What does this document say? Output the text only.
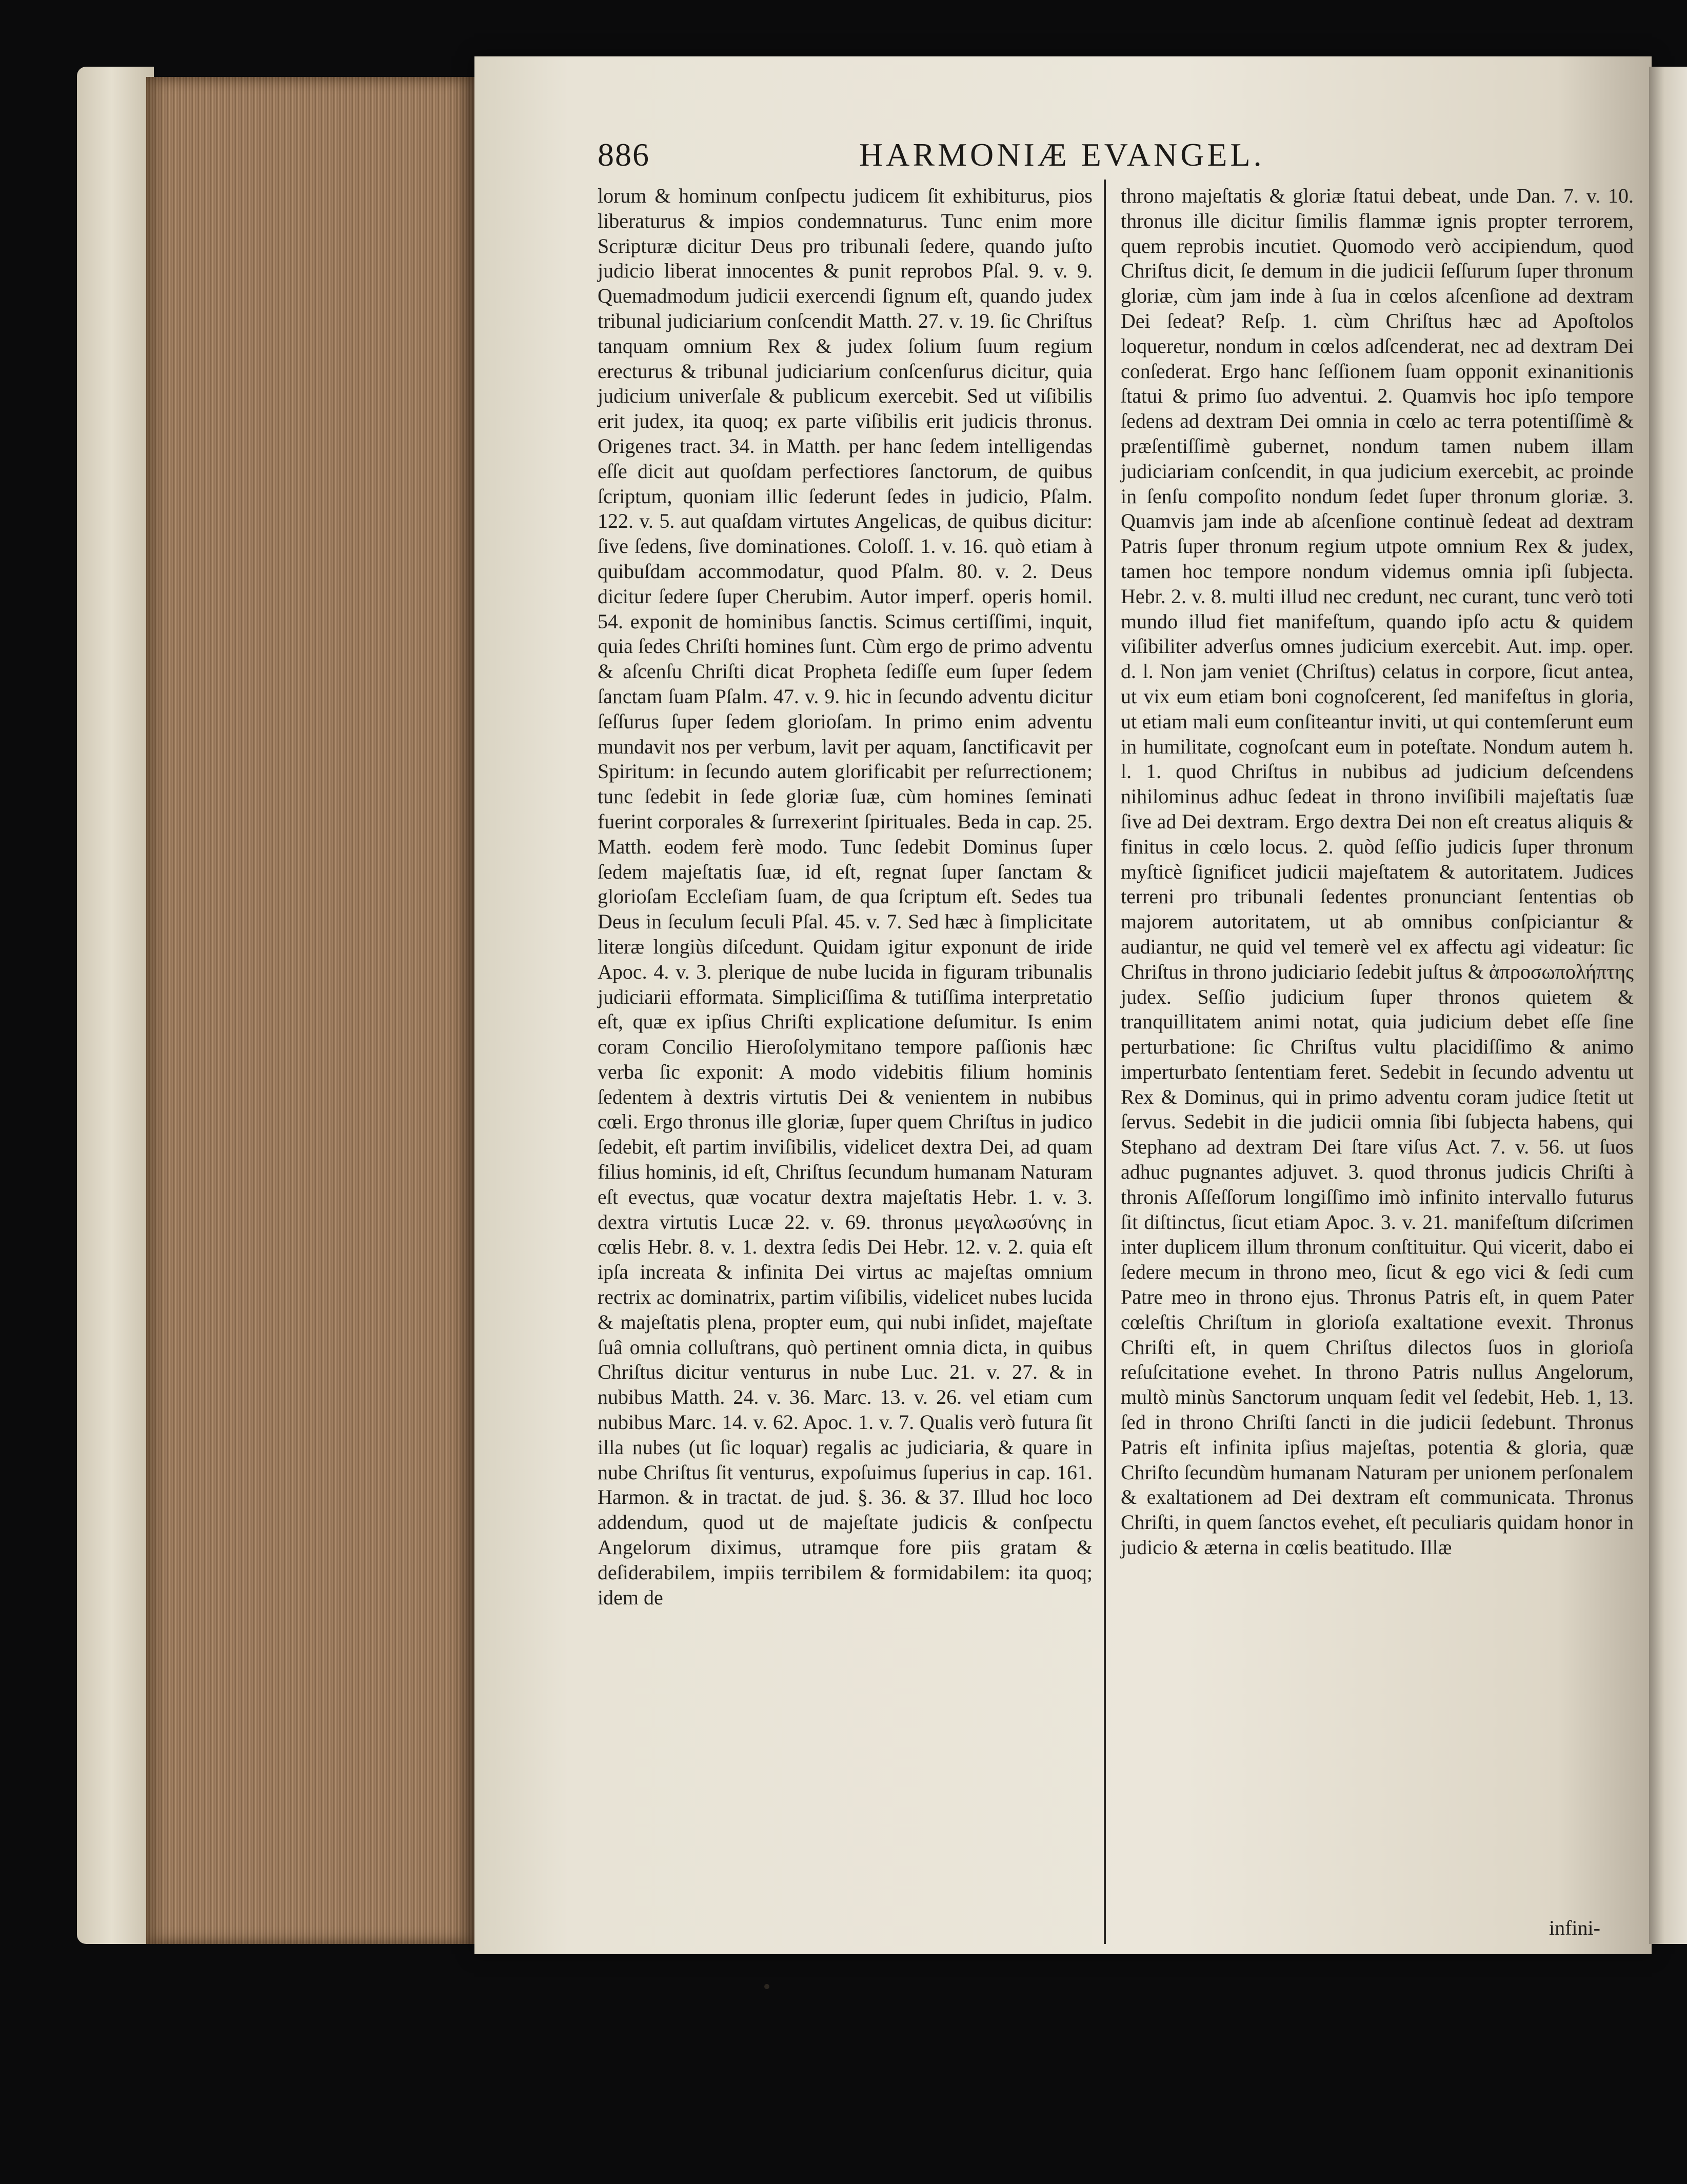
886	HARMONIÆ EVANGEL.

lorum & hominum conſpectu judicem ſit exhibiturus, pios liberaturus & impios condemnaturus. Tunc enim more Scripturæ dicitur Deus pro tribunali ſedere, quando juſto judicio liberat innocentes & punit reprobos Pſal. 9. v. 9. Quemadmodum judicii exercendi ſignum eſt, quando judex tribunal judiciarium conſcendit Matth. 27. v. 19. ſic Chriſtus tanquam omnium Rex & judex ſolium ſuum regium erecturus & tribunal judiciarium conſcenſurus dicitur, quia judicium univerſale & publicum exercebit. Sed ut viſibilis erit judex, ita quoq; ex parte viſibilis erit judicis thronus. Origenes tract. 34. in Matth. per hanc ſedem intelligendas eſſe dicit aut quoſdam perfectiores ſanctorum, de quibus ſcriptum, quoniam illic ſederunt ſedes in judicio, Pſalm. 122. v. 5. aut quaſdam virtutes Angelicas, de quibus dicitur: ſive ſedens, ſive dominationes. Coloſſ. 1. v. 16. quò etiam à quibuſdam accommodatur, quod Pſalm. 80. v. 2. Deus dicitur ſedere ſuper Cherubim. Autor imperf. operis homil. 54. exponit de hominibus ſanctis. Scimus certiſſimi, inquit, quia ſedes Chriſti homines ſunt. Cùm ergo de primo adventu & aſcenſu Chriſti dicat Propheta ſediſſe eum ſuper ſedem ſanctam ſuam Pſalm. 47. v. 9. hic in ſecundo adventu dicitur ſeſſurus ſuper ſedem glorioſam. In primo enim adventu mundavit nos per verbum, lavit per aquam, ſanctificavit per Spiritum: in ſecundo autem glorificabit per reſurrectionem; tunc ſedebit in ſede gloriæ ſuæ, cùm homines ſeminati fuerint corporales & ſurrexerint ſpirituales. Beda in cap. 25. Matth. eodem ferè modo. Tunc ſedebit Dominus ſuper ſedem majeſtatis ſuæ, id eſt, regnat ſuper ſanctam & glorioſam Eccleſiam ſuam, de qua ſcriptum eſt. Sedes tua Deus in ſeculum ſeculi Pſal. 45. v. 7. Sed hæc à ſimplicitate literæ longiùs diſcedunt. Quidam igitur exponunt de iride Apoc. 4. v. 3. plerique de nube lucida in figuram tribunalis judiciarii efformata. Simpliciſſima & tutiſſima interpretatio eſt, quæ ex ipſius Chriſti explicatione deſumitur. Is enim coram Concilio Hieroſolymitano tempore paſſionis hæc verba ſic exponit: A modo videbitis filium hominis ſedentem à dextris virtutis Dei & venientem in nubibus cœli. Ergo thronus ille gloriæ, ſuper quem Chriſtus in judico ſedebit, eſt partim inviſibilis, videlicet dextra Dei, ad quam filius hominis, id eſt, Chriſtus ſecundum humanam Naturam eſt evectus, quæ vocatur dextra majeſtatis Hebr. 1. v. 3. dextra virtutis Lucæ 22. v. 69. thronus μεγαλωσύνης in cœlis Hebr. 8. v. 1. dextra ſedis Dei Hebr. 12. v. 2. quia eſt ipſa increata & infinita Dei virtus ac majeſtas omnium rectrix ac dominatrix, partim viſibilis, videlicet nubes lucida & majeſtatis plena, propter eum, qui nubi inſidet, majeſtate ſuâ omnia colluſtrans, quò pertinent omnia dicta, in quibus Chriſtus dicitur venturus in nube Luc. 21. v. 27. & in nubibus Matth. 24. v. 36. Marc. 13. v. 26. vel etiam cum nubibus Marc. 14. v. 62. Apoc. 1. v. 7. Qualis verò futura ſit illa nubes (ut ſic loquar) regalis ac judiciaria, & quare in nube Chriſtus ſit venturus, expoſuimus ſuperius in cap. 161. Harmon. & in tractat. de jud. §. 36. & 37. Illud hoc loco addendum, quod ut de majeſtate judicis & conſpectu Angelorum diximus, utramque fore piis gratam & deſiderabilem, impiis terribilem & formidabilem: ita quoq; idem de

throno majeſtatis & gloriæ ſtatui debeat, unde Dan. 7. v. 10. thronus ille dicitur ſimilis flammæ ignis propter terrorem, quem reprobis incutiet. Quomodo verò accipiendum, quod Chriſtus dicit, ſe demum in die judicii ſeſſurum ſuper thronum gloriæ, cùm jam inde à ſua in cœlos aſcenſione ad dextram Dei ſedeat? Reſp. 1. cùm Chriſtus hæc ad Apoſtolos loqueretur, nondum in cœlos adſcenderat, nec ad dextram Dei conſederat. Ergo hanc ſeſſionem ſuam opponit exinanitionis ſtatui & primo ſuo adventui. 2. Quamvis hoc ipſo tempore ſedens ad dextram Dei omnia in cœlo ac terra potentiſſimè & præſentiſſimè gubernet, nondum tamen nubem illam judiciariam conſcendit, in qua judicium exercebit, ac proinde in ſenſu compoſito nondum ſedet ſuper thronum gloriæ. 3. Quamvis jam inde ab aſcenſione continuè ſedeat ad dextram Patris ſuper thronum regium utpote omnium Rex & judex, tamen hoc tempore nondum videmus omnia ipſi ſubjecta. Hebr. 2. v. 8. multi illud nec credunt, nec curant, tunc verò toti mundo illud fiet manifeſtum, quando ipſo actu & quidem viſibiliter adverſus omnes judicium exercebit. Aut. imp. oper. d. l. Non jam veniet (Chriſtus) celatus in corpore, ſicut antea, ut vix eum etiam boni cognoſcerent, ſed manifeſtus in gloria, ut etiam mali eum conſiteantur inviti, ut qui contemſerunt eum in humilitate, cognoſcant eum in poteſtate. Nondum autem h. l. 1. quod Chriſtus in nubibus ad judicium deſcendens nihilominus adhuc ſedeat in throno inviſibili majeſtatis ſuæ ſive ad Dei dextram. Ergo dextra Dei non eſt creatus aliquis & finitus in cœlo locus. 2. quòd ſeſſio judicis ſuper thronum myſticè ſignificet judicii majeſtatem & autoritatem. Judices terreni pro tribunali ſedentes pronunciant ſententias ob majorem autoritatem, ut ab omnibus conſpiciantur & audiantur, ne quid vel temerè vel ex affectu agi videatur: ſic Chriſtus in throno judiciario ſedebit juſtus & ἀπροσωπολήπτης judex. Seſſio judicium ſuper thronos quietem & tranquillitatem animi notat, quia judicium debet eſſe ſine perturbatione: ſic Chriſtus vultu placidiſſimo & animo imperturbato ſententiam feret. Sedebit in ſecundo adventu ut Rex & Dominus, qui in primo adventu coram judice ſtetit ut ſervus. Sedebit in die judicii omnia ſibi ſubjecta habens, qui Stephano ad dextram Dei ſtare viſus Act. 7. v. 56. ut ſuos adhuc pugnantes adjuvet. 3. quod thronus judicis Chriſti à thronis Aſſeſſorum longiſſimo imò infinito intervallo futurus ſit diſtinctus, ſicut etiam Apoc. 3. v. 21. manifeſtum diſcrimen inter duplicem illum thronum conſtituitur. Qui vicerit, dabo ei ſedere mecum in throno meo, ſicut & ego vici & ſedi cum Patre meo in throno ejus. Thronus Patris eſt, in quem Pater cœleſtis Chriſtum in glorioſa exaltatione evexit. Thronus Chriſti eſt, in quem Chriſtus dilectos ſuos in glorioſa reſuſcitatione evehet. In throno Patris nullus Angelorum, multò minùs Sanctorum unquam ſedit vel ſedebit, Heb. 1, 13. ſed in throno Chriſti ſancti in die judicii ſedebunt. Thronus Patris eſt infinita ipſius majeſtas, potentia & gloria, quæ Chriſto ſecundùm humanam Naturam per unionem perſonalem & exaltationem ad Dei dextram eſt communicata. Thronus Chriſti, in quem ſanctos evehet, eſt peculiaris quidam honor in judicio & æterna in cœlis beatitudo. Illæ

infini-
